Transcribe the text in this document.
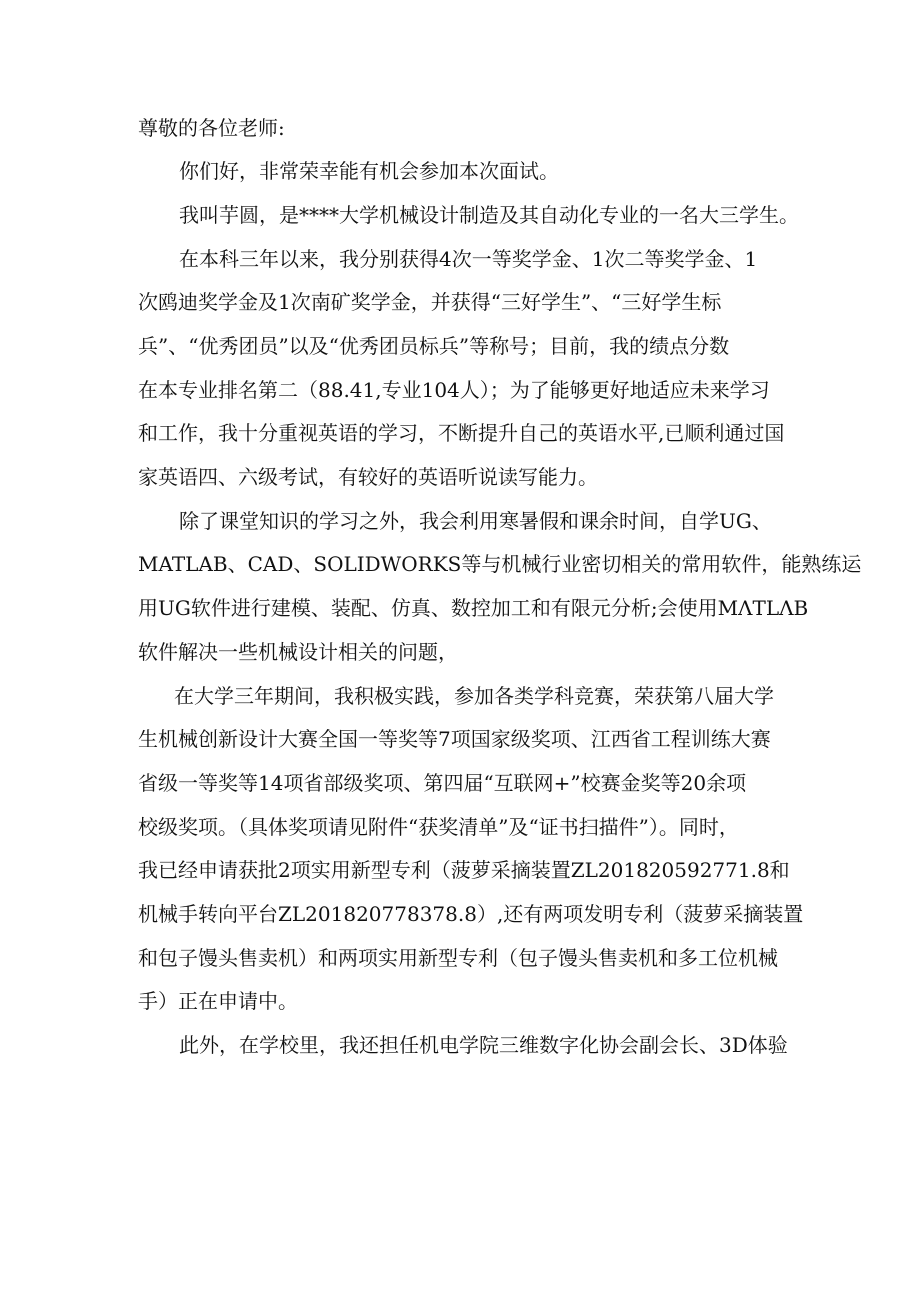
尊敬的各位老师:

你们好，非常荣幸能有机会参加本次面试。

我叫芋圆，是****大学机械设计制造及其自动化专业的一名大三学生。

在本科三年以来，我分别获得4次一等奖学金、1次二等奖学金、1

次鸥迪奖学金及1次南矿奖学金，并获得“三好学生”、“三好学生标

兵”、“优秀团员”以及“优秀团员标兵”等称号；目前，我的绩点分数

在本专业排名第二（88.41,专业104人）；为了能够更好地适应未来学习

和工作，我十分重视英语的学习，不断提升自己的英语水平,已顺利通过国

家英语四、六级考试，有较好的英语听说读写能力。

除了课堂知识的学习之外，我会利用寒暑假和课余时间，自学UG、

MATLAB、CAD、SOLIDWORKS等与机械行业密切相关的常用软件，能熟练运

用UG软件进行建模、装配、仿真、数控加工和有限元分析;会使用MΛTLΛB

软件解决一些机械设计相关的问题，

在大学三年期间，我积极实践，参加各类学科竞赛，荣获第八届大学

生机械创新设计大赛全国一等奖等7项国家级奖项、江西省工程训练大赛

省级一等奖等14项省部级奖项、第四届“互联网+”校赛金奖等20余项

校级奖项。（具体奖项请见附件“获奖清单”及“证书扫描件”）。同时，

我已经申请获批2项实用新型专利（菠萝采摘装置ZL201820592771.8和

机械手转向平台ZL201820778378.8）,还有两项发明专利（菠萝采摘装置

和包子馒头售卖机）和两项实用新型专利（包子馒头售卖机和多工位机械

手）正在申请中。

此外，在学校里，我还担任机电学院三维数字化协会副会长、3D体验
